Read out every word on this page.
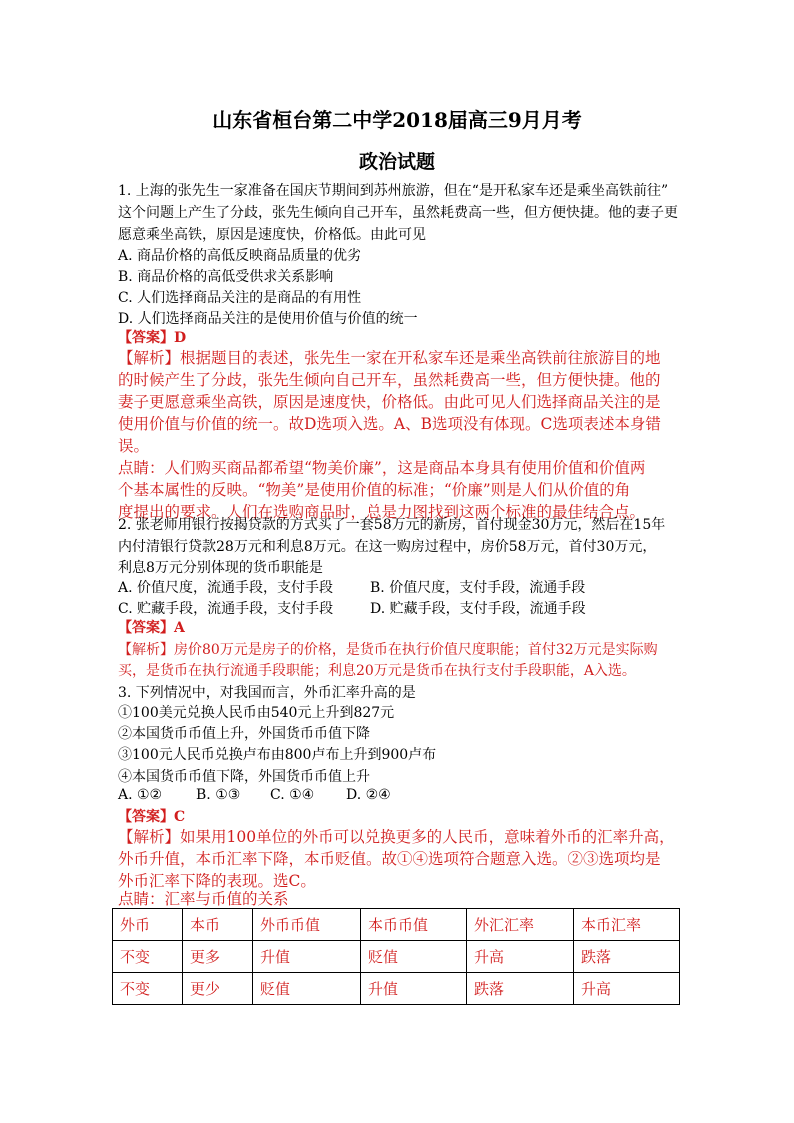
山东省桓台第二中学2018届高三9月月考
政治试题
1. 上海的张先生一家准备在国庆节期间到苏州旅游，但在“是开私家车还是乘坐高铁前往”
这个问题上产生了分歧，张先生倾向自己开车，虽然耗费高一些，但方便快捷。他的妻子更
愿意乘坐高铁，原因是速度快，价格低。由此可见
A. 商品价格的高低反映商品质量的优劣
B. 商品价格的高低受供求关系影响
C. 人们选择商品关注的是商品的有用性
D. 人们选择商品关注的是使用价值与价值的统一
【答案】D
【解析】根据题目的表述，张先生一家在开私家车还是乘坐高铁前往旅游目的地
的时候产生了分歧，张先生倾向自己开车，虽然耗费高一些，但方便快捷。他的
妻子更愿意乘坐高铁，原因是速度快，价格低。由此可见人们选择商品关注的是
使用价值与价值的统一。故D选项入选。A、B选项没有体现。C选项表述本身错
误。
点睛：人们购买商品都希望“物美价廉”，这是商品本身具有使用价值和价值两
个基本属性的反映。“物美”是使用价值的标准；“价廉”则是人们从价值的角
度提出的要求。人们在选购商品时，总是力图找到这两个标准的最佳结合点。
2. 张老师用银行按揭贷款的方式买了一套58万元的新房，首付现金30万元，然后在15年
内付清银行贷款28万元和利息8万元。在这一购房过程中，房价58万元，首付30万元，
利息8万元分别体现的货币职能是
A. 价值尺度，流通手段，支付手段	B. 价值尺度，支付手段，流通手段
C. 贮藏手段，流通手段，支付手段	D. 贮藏手段，支付手段，流通手段
【答案】A
【解析】房价80万元是房子的价格，是货币在执行价值尺度职能；首付32万元是实际购
买，是货币在执行流通手段职能；利息20万元是货币在执行支付手段职能，A入选。
3. 下列情况中，对我国而言，外币汇率升高的是
①100美元兑换人民币由540元上升到827元
②本国货币币值上升，外国货币币值下降
③100元人民币兑换卢布由800卢布上升到900卢布
④本国货币币值下降，外国货币币值上升
A. ①② B. ①③ C. ①④ D. ②④
【答案】C
【解析】如果用100单位的外币可以兑换更多的人民币，意味着外币的汇率升高，
外币升值，本币汇率下降，本币贬值。故①④选项符合题意入选。②③选项均是
外币汇率下降的表现。选C。
点睛：汇率与币值的关系
外币	本币	外币币值	本币币值	外汇汇率	本币汇率
不变	更多	升值	贬值	升高	跌落
不变	更少	贬值	升值	跌落	升高
